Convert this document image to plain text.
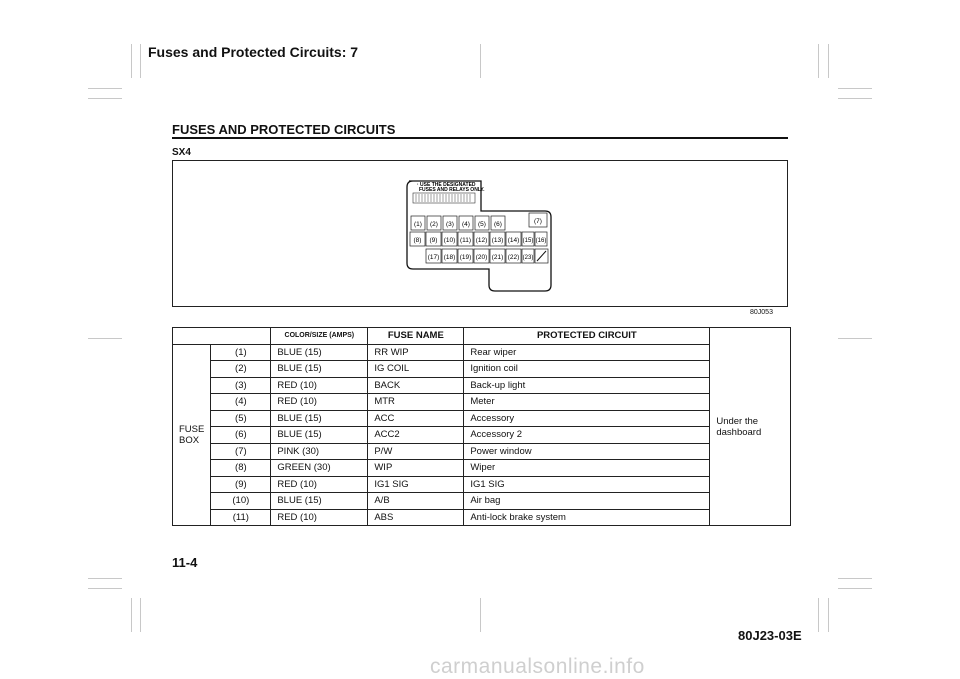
Fuses and Protected Circuits: 7
FUSES AND PROTECTED CIRCUITS
SX4
· USE THE DESIGNATED
FUSES AND RELAYS ONLY.
(1) (2) (3) (4) (5) (6)	(7)
(8) (9) (10) (11) (12) (13) (14) (15) (16)
(17) (18) (19) (20) (21) (22) (23)
80J053
		COLOR/SIZE (AMPS)	FUSE NAME	PROTECTED CIRCUIT	Under the dashboard
FUSE BOX	(1)	BLUE (15)	RR WIP	Rear wiper	
	(2)	BLUE (15)	IG COIL	Ignition coil	
	(3)	RED (10)	BACK	Back-up light	
	(4)	RED (10)	MTR	Meter	
	(5)	BLUE (15)	ACC	Accessory	
	(6)	BLUE (15)	ACC2	Accessory 2	
	(7)	PINK (30)	P/W	Power window	
	(8)	GREEN (30)	WIP	Wiper	
	(9)	RED (10)	IG1 SIG	IG1 SIG	
	(10)	BLUE (15)	A/B	Air bag	
	(11)	RED (10)	ABS	Anti-lock brake system	
11-4
80J23-03E
carmanualsonline.info
